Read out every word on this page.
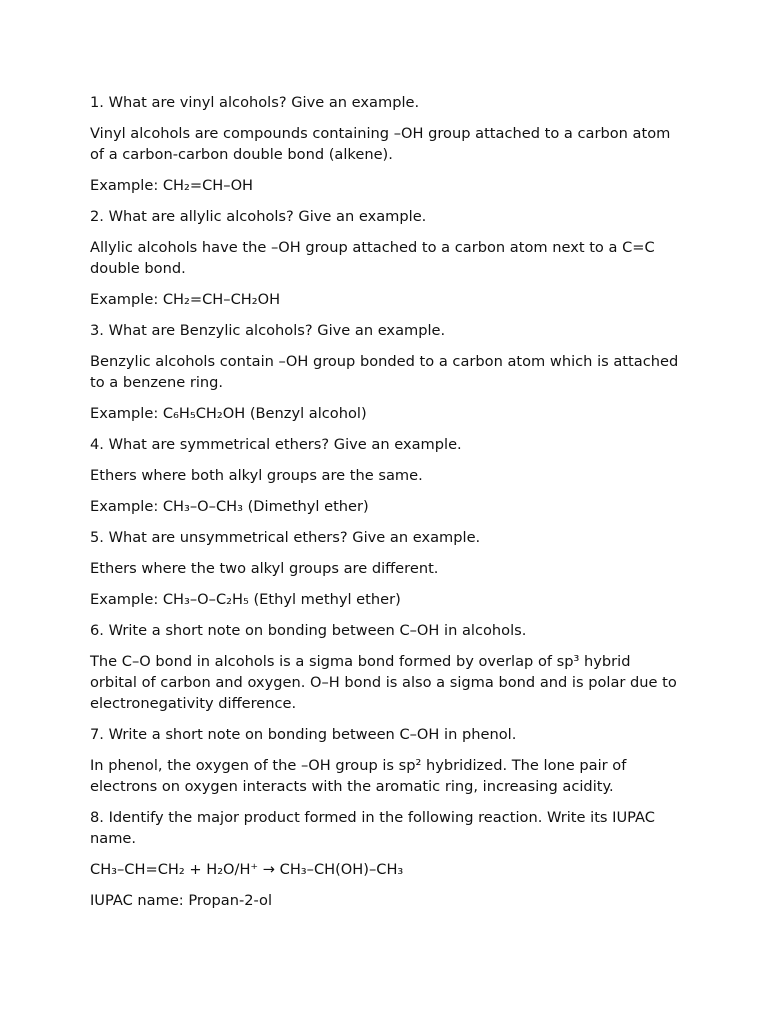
1. What are vinyl alcohols? Give an example.

Vinyl alcohols are compounds containing –OH group attached to a carbon atom of a carbon-carbon double bond (alkene).

Example: CH₂=CH–OH

2. What are allylic alcohols? Give an example.

Allylic alcohols have the –OH group attached to a carbon atom next to a C=C double bond.

Example: CH₂=CH–CH₂OH

3. What are Benzylic alcohols? Give an example.

Benzylic alcohols contain –OH group bonded to a carbon atom which is attached to a benzene ring.

Example: C₆H₅CH₂OH (Benzyl alcohol)

4. What are symmetrical ethers? Give an example.

Ethers where both alkyl groups are the same.

Example: CH₃–O–CH₃ (Dimethyl ether)

5. What are unsymmetrical ethers? Give an example.

Ethers where the two alkyl groups are different.

Example: CH₃–O–C₂H₅ (Ethyl methyl ether)

6. Write a short note on bonding between C–OH in alcohols.

The C–O bond in alcohols is a sigma bond formed by overlap of sp³ hybrid orbital of carbon and oxygen. O–H bond is also a sigma bond and is polar due to electronegativity difference.

7. Write a short note on bonding between C–OH in phenol.

In phenol, the oxygen of the –OH group is sp² hybridized. The lone pair of electrons on oxygen interacts with the aromatic ring, increasing acidity.

8. Identify the major product formed in the following reaction. Write its IUPAC name.

CH₃–CH=CH₂ + H₂O/H⁺ → CH₃–CH(OH)–CH₃

IUPAC name: Propan-2-ol
